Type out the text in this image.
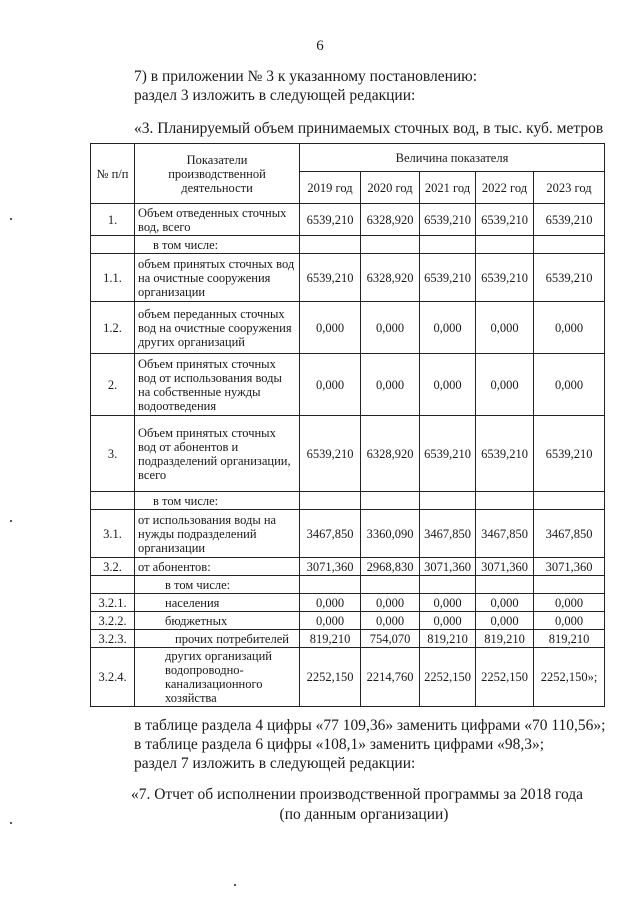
6
7) в приложении № 3 к указанному постановлению:
раздел 3 изложить в следующей редакции:
«3. Планируемый объем принимаемых сточных вод, в тыс. куб. метров
№ п/п	Показатели производственной деятельности	Величина показателя				
		2019 год	2020 год	2021 год	2022 год	2023 год
1.	Объем отведенных сточных вод, всего	6539,210	6328,920	6539,210	6539,210	6539,210
	в том числе:					
1.1.	объем принятых сточных вод на очистные сооружения организации	6539,210	6328,920	6539,210	6539,210	6539,210
1.2.	объем переданных сточных вод на очистные сооружения других организаций	0,000	0,000	0,000	0,000	0,000
2.	Объем принятых сточных вод от использования воды на собственные нужды водоотведения	0,000	0,000	0,000	0,000	0,000
3.	Объем принятых сточных вод от абонентов и подразделений организации, всего	6539,210	6328,920	6539,210	6539,210	6539,210
	в том числе:					
3.1.	от использования воды на нужды подразделений организации	3467,850	3360,090	3467,850	3467,850	3467,850
3.2.	от абонентов:	3071,360	2968,830	3071,360	3071,360	3071,360
	в том числе:					
3.2.1.	населения	0,000	0,000	0,000	0,000	0,000
3.2.2.	бюджетных	0,000	0,000	0,000	0,000	0,000
3.2.3.	прочих потребителей	819,210	754,070	819,210	819,210	819,210
3.2.4.	других организаций водопроводно-канализационного хозяйства	2252,150	2214,760	2252,150	2252,150	2252,150»;
в таблице раздела 4 цифры «77 109,36» заменить цифрами «70 110,56»;
в таблице раздела 6 цифры «108,1» заменить цифрами «98,3»;
раздел 7 изложить в следующей редакции:
«7. Отчет об исполнении производственной программы за 2018 года
(по данным организации)
